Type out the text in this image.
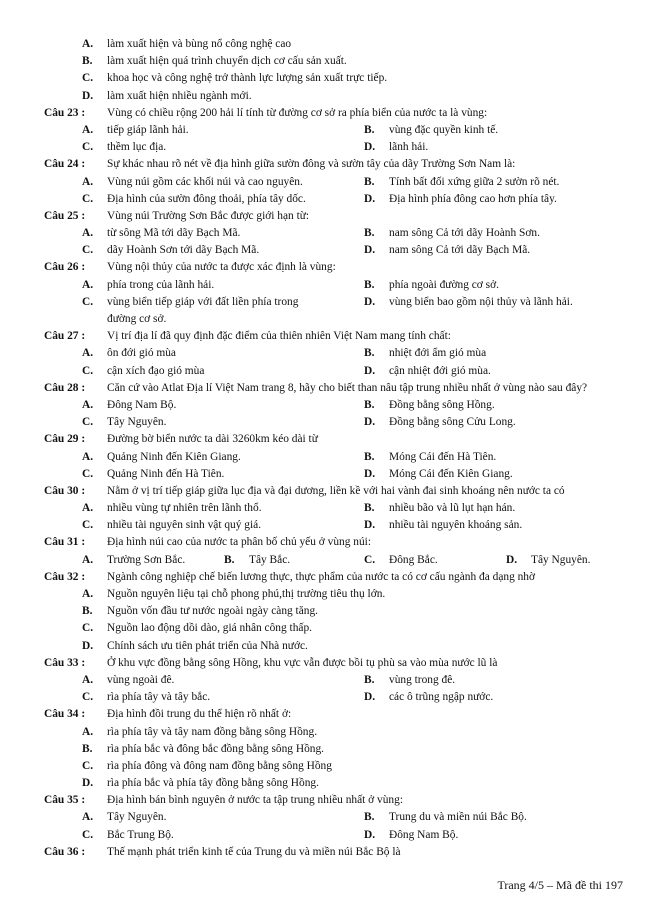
A. làm xuất hiện và bùng nổ công nghệ cao
B. làm xuất hiện quá trình chuyển dịch cơ cấu sản xuất.
C. khoa học và công nghệ trở thành lực lượng sản xuất trực tiếp.
D. làm xuất hiện nhiều ngành mới.
Câu 23 : Vùng có chiều rộng 200 hải lí tính từ đường cơ sở ra phía biển của nước ta là vùng:
A. tiếp giáp lãnh hải.	B. vùng đặc quyền kinh tế.
C. thềm lục địa.	D. lãnh hải.
Câu 24 : Sự khác nhau rõ nét về địa hình giữa sườn đông và sườn tây của dãy Trường Sơn Nam là:
A. Vùng núi gồm các khối núi và cao nguyên.	B. Tính bất đối xứng giữa 2 sườn rõ nét.
C. Địa hình của sườn đông thoải, phía tây dốc.	D. Địa hình phía đông cao hơn phía tây.
Câu 25 : Vùng núi Trường Sơn Bắc được giới hạn từ:
A. từ sông Mã tới dãy Bạch Mã.	B. nam sông Cả tới dãy Hoành Sơn.
C. dãy Hoành Sơn tới dãy Bạch Mã.	D. nam sông Cả tới dãy Bạch Mã.
Câu 26 : Vùng nội thủy của nước ta được xác định là vùng:
A. phía trong của lãnh hải.	B. phía ngoài đường cơ sở.
C.	vùng biển tiếp giáp với đất liền phía trong đường cơ sở.
D. vùng biển bao gồm nội thủy và lãnh hải.
Câu 27 : Vị trí địa lí đã quy định đặc điểm của thiên nhiên Việt Nam mang tính chất:
A. ôn đới gió mùa	B. nhiệt đới ẩm gió mùa
C. cận xích đạo gió mùa	D. cận nhiệt đới gió mùa.
Câu 28 : Căn cứ vào Atlat Địa lí Việt Nam trang 8, hãy cho biết than nâu tập trung nhiều nhất ở vùng nào sau đây?
A. Đông Nam Bộ.	B. Đồng bằng sông Hồng.
C. Tây Nguyên.	D. Đồng bằng sông Cửu Long.
Câu 29 : Đường bờ biển nước ta dài 3260km kéo dài từ
A. Quảng Ninh đến Kiên Giang.	B. Móng Cái đến Hà Tiên.
C. Quảng Ninh đến Hà Tiên.	D. Móng Cái đến Kiên Giang.
Câu 30 : Nằm ở vị trí tiếp giáp giữa lục địa và đại dương, liền kề với hai vành đai sinh khoáng nên nước ta có
A. nhiều vùng tự nhiên trên lãnh thổ.	B. nhiều bão và lũ lụt hạn hán.
C. nhiều tài nguyên sinh vật quý giá.	D. nhiều tài nguyên khoáng sản.
Câu 31 : Địa hình núi cao của nước ta phân bố chủ yếu ở vùng núi:
A. Trường Sơn Bắc.	B. Tây Bắc.	C. Đông Bắc.	D. Tây Nguyên.
Câu 32 : Ngành công nghiệp chế biến lương thực, thực phẩm của nước ta có cơ cấu ngành đa dạng nhờ
A. Nguồn nguyên liệu tại chỗ phong phú,thị trường tiêu thụ lớn.
B. Nguồn vốn đầu tư nước ngoài ngày càng tăng.
C. Nguồn lao động dồi dào, giá nhân công thấp.
D. Chính sách ưu tiên phát triển của Nhà nước.
Câu 33 : Ở khu vực đồng bằng sông Hồng, khu vực vẫn được bồi tụ phù sa vào mùa nước lũ là
A. vùng ngoài đê.	B. vùng trong đê.
C. rìa phía tây và tây bắc.	D. các ô trũng ngập nước.
Câu 34 : Địa hình đồi trung du thể hiện rõ nhất ở:
A. rìa phía tây và tây nam đồng bằng sông Hồng.
B. rìa phía bắc và đông bắc đồng bằng sông Hồng.
C. rìa phía đông và đông nam đồng bằng sông Hồng
D. rìa phía bắc và phía tây đồng bằng sông Hồng.
Câu 35 : Địa hình bán bình nguyên ở nước ta tập trung nhiều nhất ở vùng:
A. Tây Nguyên.	B. Trung du và miền núi Bắc Bộ.
C. Bắc Trung Bộ.	D. Đông Nam Bộ.
Câu 36 : Thế mạnh phát triển kinh tế của Trung du và miền núi Bắc Bộ là
Trang 4/5 – Mã đề thi 197
